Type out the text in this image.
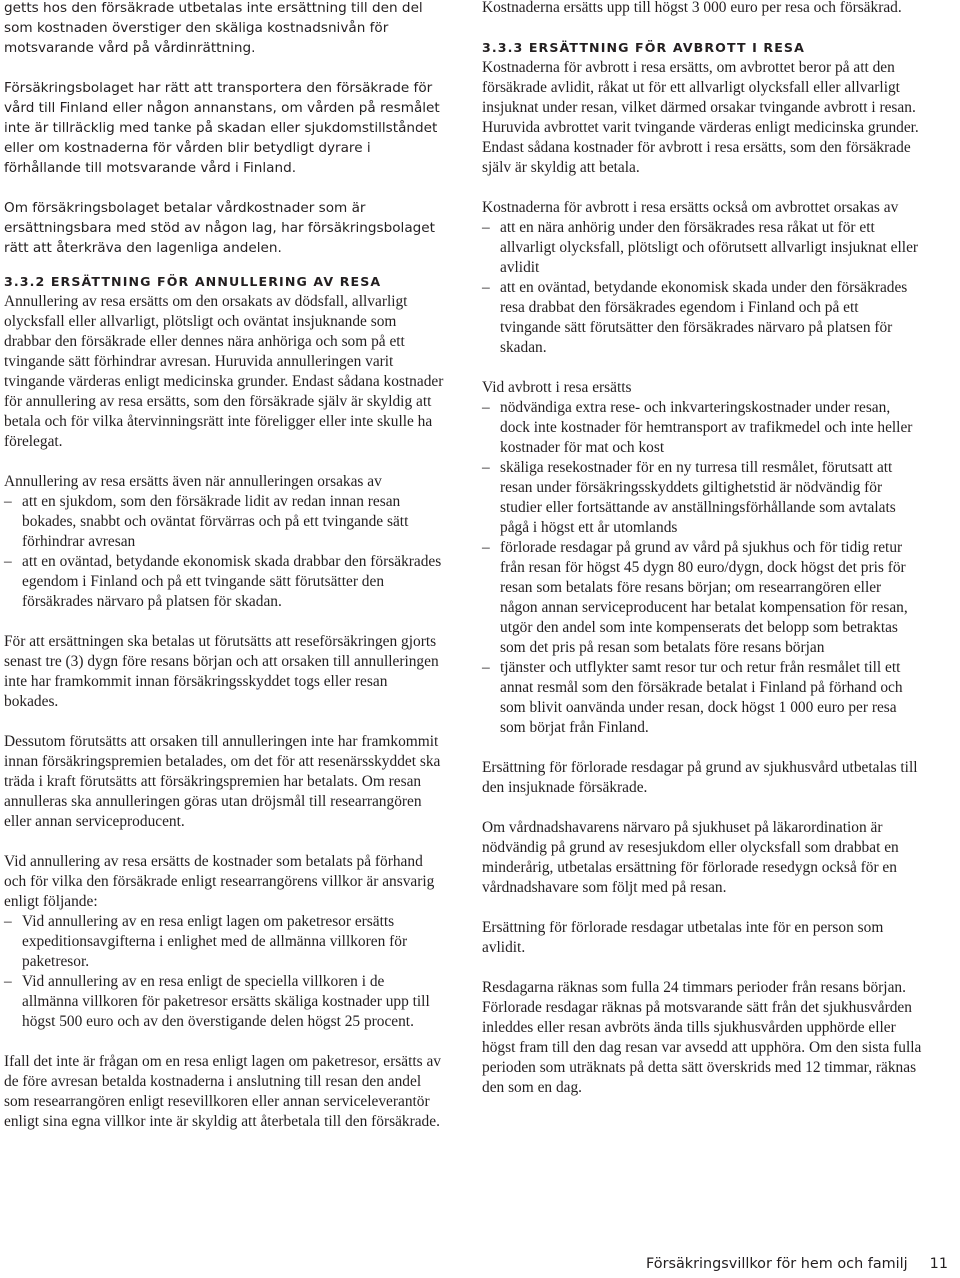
getts hos den försäkrade utbetalas inte ersättning till den del som kostnaden överstiger den skäliga kostnadsnivån för motsvarande vård på vårdinrättning.

Försäkringsbolaget har rätt att transportera den försäkrade för vård till Finland eller någon annanstans, om vården på resmålet inte är tillräcklig med tanke på skadan eller sjukdomstillståndet eller om kostnaderna för vården blir betydligt dyrare i förhållande till motsvarande vård i Finland.

Om försäkringsbolaget betalar vårdkostnader som är ersättningsbara med stöd av någon lag, har försäkringsbolaget rätt att återkräva den lagenliga andelen.

3.3.2 ERSÄTTNING FÖR ANNULLERING AV RESA

Annullering av resa ersätts om den orsakats av dödsfall, allvarligt olycksfall eller allvarligt, plötsligt och oväntat insjuknande som drabbar den försäkrade eller dennes nära anhöriga och som på ett tvingande sätt förhindrar avresan. Huruvida annulleringen varit tvingande värderas enligt medicinska grunder. Endast sådana kostnader för annullering av resa ersätts, som den försäkrade själv är skyldig att betala och för vilka återvinningsrätt inte föreligger eller inte skulle ha förelegat.

Annullering av resa ersätts även när annulleringen orsakas av

– att en sjukdom, som den försäkrade lidit av redan innan resan bokades, snabbt och oväntat förvärras och på ett tvingande sätt förhindrar avresan
– att en oväntad, betydande ekonomisk skada drabbar den försäkrades egendom i Finland och på ett tvingande sätt förutsätter den försäkrades närvaro på platsen för skadan.

För att ersättningen ska betalas ut förutsätts att reseförsäkringen gjorts senast tre (3) dygn före resans början och att orsaken till annulleringen inte har framkommit innan försäkringsskyddet togs eller resan bokades.

Dessutom förutsätts att orsaken till annulleringen inte har framkommit innan försäkringspremien betalades, om det för att resenärsskyddet ska träda i kraft förutsätts att försäkringspremien har betalats. Om resan annulleras ska annulleringen göras utan dröjsmål till researrangören eller annan serviceproducent.

Vid annullering av resa ersätts de kostnader som betalats på förhand och för vilka den försäkrade enligt researrangörens villkor är ansvarig enligt följande:

– Vid annullering av en resa enligt lagen om paketresor ersätts expeditionsavgifterna i enlighet med de allmänna villkoren för paketresor.
– Vid annullering av en resa enligt de speciella villkoren i de allmänna villkoren för paketresor ersätts skäliga kostnader upp till högst 500 euro och av den överstigande delen högst 25 procent.

Ifall det inte är frågan om en resa enligt lagen om paketresor, ersätts av de före avresan betalda kostnaderna i anslutning till resan den andel som researrangören enligt resevillkoren eller annan serviceleverantör enligt sina egna villkor inte är skyldig att återbetala till den försäkrade.

Kostnaderna ersätts upp till högst 3 000 euro per resa och försäkrad.

3.3.3 ERSÄTTNING FÖR AVBROTT I RESA

Kostnaderna för avbrott i resa ersätts, om avbrottet beror på att den försäkrade avlidit, råkat ut för ett allvarligt olycksfall eller allvarligt insjuknat under resan, vilket därmed orsakar tvingande avbrott i resan. Huruvida avbrottet varit tvingande värderas enligt medicinska grunder. Endast sådana kostnader för avbrott i resa ersätts, som den försäkrade själv är skyldig att betala.

Kostnaderna för avbrott i resa ersätts också om avbrottet orsakas av

– att en nära anhörig under den försäkrades resa råkat ut för ett allvarligt olycksfall, plötsligt och oförutsett allvarligt insjuknat eller avlidit
– att en oväntad, betydande ekonomisk skada under den försäkrades resa drabbat den försäkrades egendom i Finland och på ett tvingande sätt förutsätter den försäkrades närvaro på platsen för skadan.

Vid avbrott i resa ersätts

– nödvändiga extra rese- och inkvarteringskostnader under resan, dock inte kostnader för hemtransport av trafikmedel och inte heller kostnader för mat och kost
– skäliga resekostnader för en ny turresa till resmålet, förutsatt att resan under försäkringsskyddets giltighetstid är nödvändig för studier eller fortsättande av anställningsförhållande som avtalats pågå i högst ett år utomlands
– förlorade resdagar på grund av vård på sjukhus och för tidig retur från resan för högst 45 dygn 80 euro/dygn, dock högst det pris för resan som betalats före resans början; om researrangören eller någon annan serviceproducent har betalat kompensation för resan, utgör den andel som inte kompenserats det belopp som betraktas som det pris på resan som betalats före resans början
– tjänster och utflykter samt resor tur och retur från resmålet till ett annat resmål som den försäkrade betalat i Finland på förhand och som blivit oanvända under resan, dock högst 1 000 euro per resa som börjat från Finland.

Ersättning för förlorade resdagar på grund av sjukhusvård utbetalas till den insjuknade försäkrade.

Om vårdnadshavarens närvaro på sjukhuset på läkarordination är nödvändig på grund av resesjukdom eller olycksfall som drabbat en minderårig, utbetalas ersättning för förlorade resedygn också för en vårdnadshavare som följt med på resan.

Ersättning för förlorade resdagar utbetalas inte för en person som avlidit.

Resdagarna räknas som fulla 24 timmars perioder från resans början. Förlorade resdagar räknas på motsvarande sätt från det sjukhusvården inleddes eller resan avbröts ända tills sjukhusvården upphörde eller högst fram till den dag resan var avsedd att upphöra. Om den sista fulla perioden som uträknats på detta sätt överskrids med 12 timmar, räknas den som en dag.

Försäkringsvillkor för hem och familj 11
